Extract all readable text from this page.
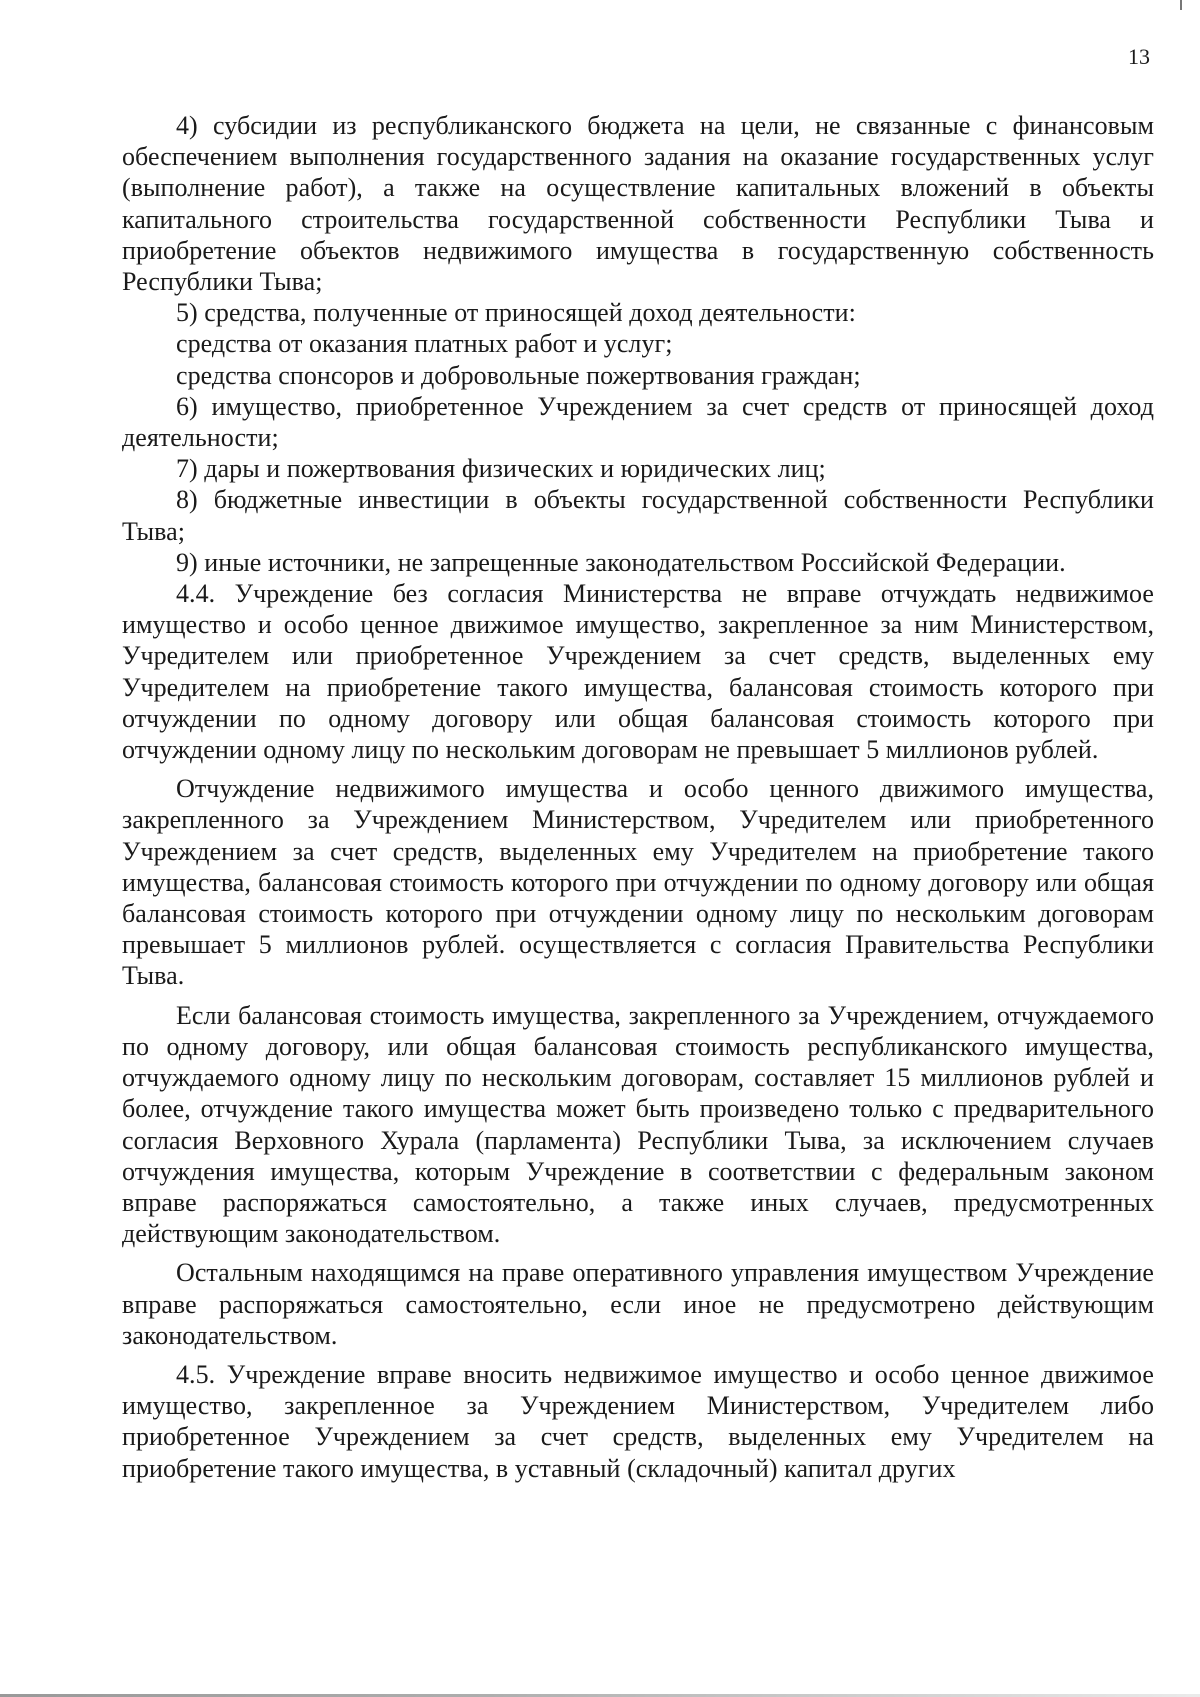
13

4) субсидии из республиканского бюджета на цели, не связанные с финансовым обеспечением выполнения государственного задания на оказание государственных услуг (выполнение работ), а также на осуществление капитальных вложений в объекты капитального строительства государственной собственности Республики Тыва и приобретение объектов недвижимого имущества в государственную собственность Республики Тыва;

5) средства, полученные от приносящей доход деятельности:

средства от оказания платных работ и услуг;

средства спонсоров и добровольные пожертвования граждан;

6) имущество, приобретенное Учреждением за счет средств от приносящей доход деятельности;

7) дары и пожертвования физических и юридических лиц;

8) бюджетные инвестиции в объекты государственной собственности Республики Тыва;

9) иные источники, не запрещенные законодательством Российской Федерации.

4.4. Учреждение без согласия Министерства не вправе отчуждать недвижимое имущество и особо ценное движимое имущество, закрепленное за ним Министерством, Учредителем или приобретенное Учреждением за счет средств, выделенных ему Учредителем на приобретение такого имущества, балансовая стоимость которого при отчуждении по одному договору или общая балансовая стоимость которого при отчуждении одному лицу по нескольким договорам не превышает 5 миллионов рублей.

Отчуждение недвижимого имущества и особо ценного движимого имущества, закрепленного за Учреждением Министерством, Учредителем или приобретенного Учреждением за счет средств, выделенных ему Учредителем на приобретение такого имущества, балансовая стоимость которого при отчуждении по одному договору или общая балансовая стоимость которого при отчуждении одному лицу по нескольким договорам превышает 5 миллионов рублей. осуществляется с согласия Правительства Республики Тыва.

Если балансовая стоимость имущества, закрепленного за Учреждением, отчуждаемого по одному договору, или общая балансовая стоимость республиканского имущества, отчуждаемого одному лицу по нескольким договорам, составляет 15 миллионов рублей и более, отчуждение такого имущества может быть произведено только с предварительного согласия Верховного Хурала (парламента) Республики Тыва, за исключением случаев отчуждения имущества, которым Учреждение в соответствии с федеральным законом вправе распоряжаться самостоятельно, а также иных случаев, предусмотренных действующим законодательством.

Остальным находящимся на праве оперативного управления имуществом Учреждение вправе распоряжаться самостоятельно, если иное не предусмотрено действующим законодательством.

4.5. Учреждение вправе вносить недвижимое имущество и особо ценное движимое имущество, закрепленное за Учреждением Министерством, Учредителем либо приобретенное Учреждением за счет средств, выделенных ему Учредителем на приобретение такого имущества, в уставный (складочный) капитал других
